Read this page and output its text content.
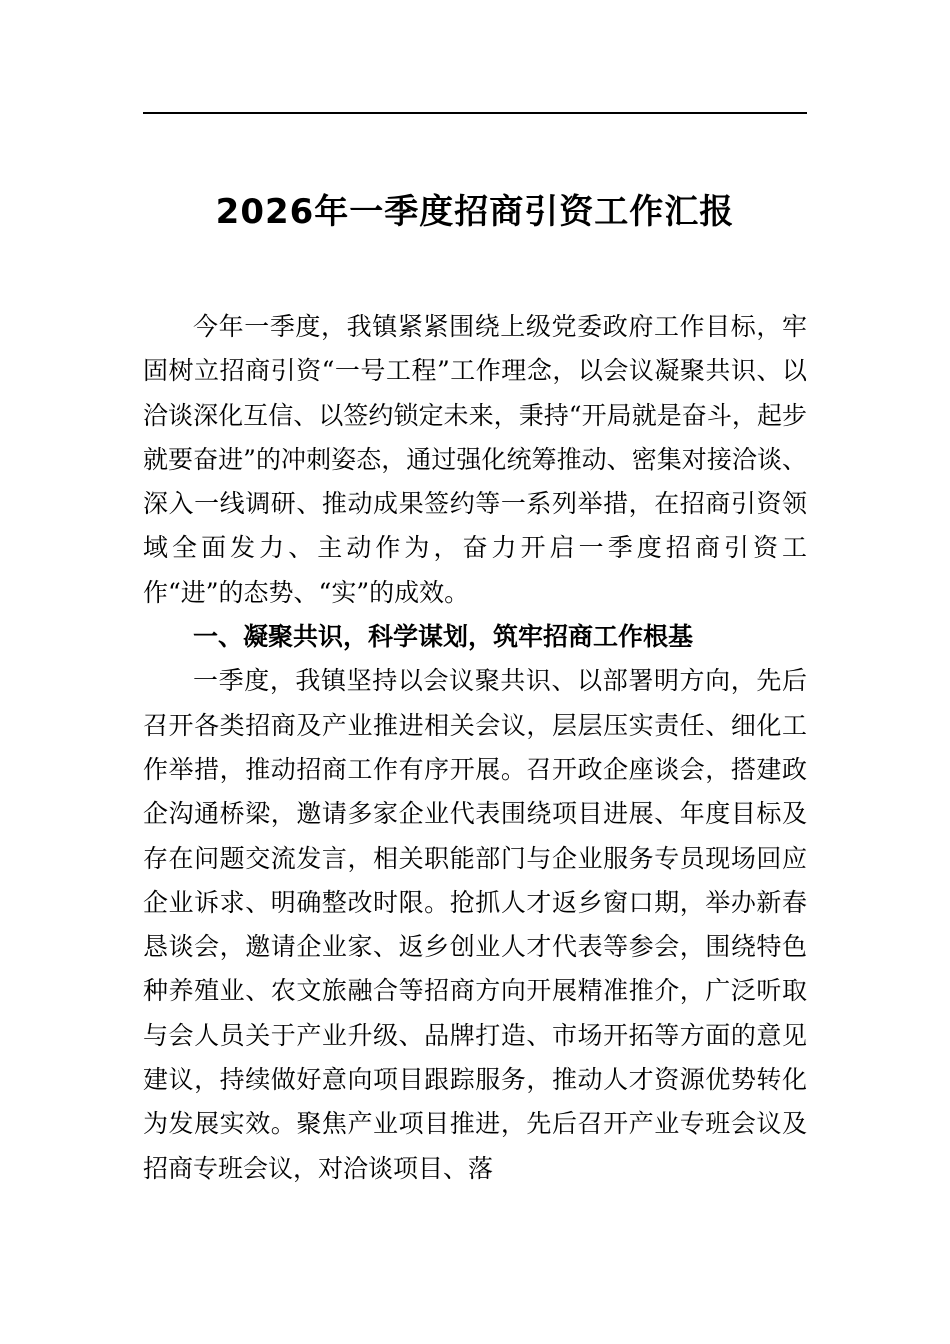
2026年一季度招商引资工作汇报

今年一季度，我镇紧紧围绕上级党委政府工作目标，牢固树立招商引资“一号工程”工作理念，以会议凝聚共识、以洽谈深化互信、以签约锁定未来，秉持“开局就是奋斗，起步就要奋进”的冲刺姿态，通过强化统筹推动、密集对接洽谈、深入一线调研、推动成果签约等一系列举措，在招商引资领域全面发力、主动作为，奋力开启一季度招商引资工作“进”的态势、“实”的成效。

一、凝聚共识，科学谋划，筑牢招商工作根基

一季度，我镇坚持以会议聚共识、以部署明方向，先后召开各类招商及产业推进相关会议，层层压实责任、细化工作举措，推动招商工作有序开展。召开政企座谈会，搭建政企沟通桥梁，邀请多家企业代表围绕项目进展、年度目标及存在问题交流发言，相关职能部门与企业服务专员现场回应企业诉求、明确整改时限。抢抓人才返乡窗口期，举办新春恳谈会，邀请企业家、返乡创业人才代表等参会，围绕特色种养殖业、农文旅融合等招商方向开展精准推介，广泛听取与会人员关于产业升级、品牌打造、市场开拓等方面的意见建议，持续做好意向项目跟踪服务，推动人才资源优势转化为发展实效。聚焦产业项目推进，先后召开产业专班会议及招商专班会议，对洽谈项目、落
